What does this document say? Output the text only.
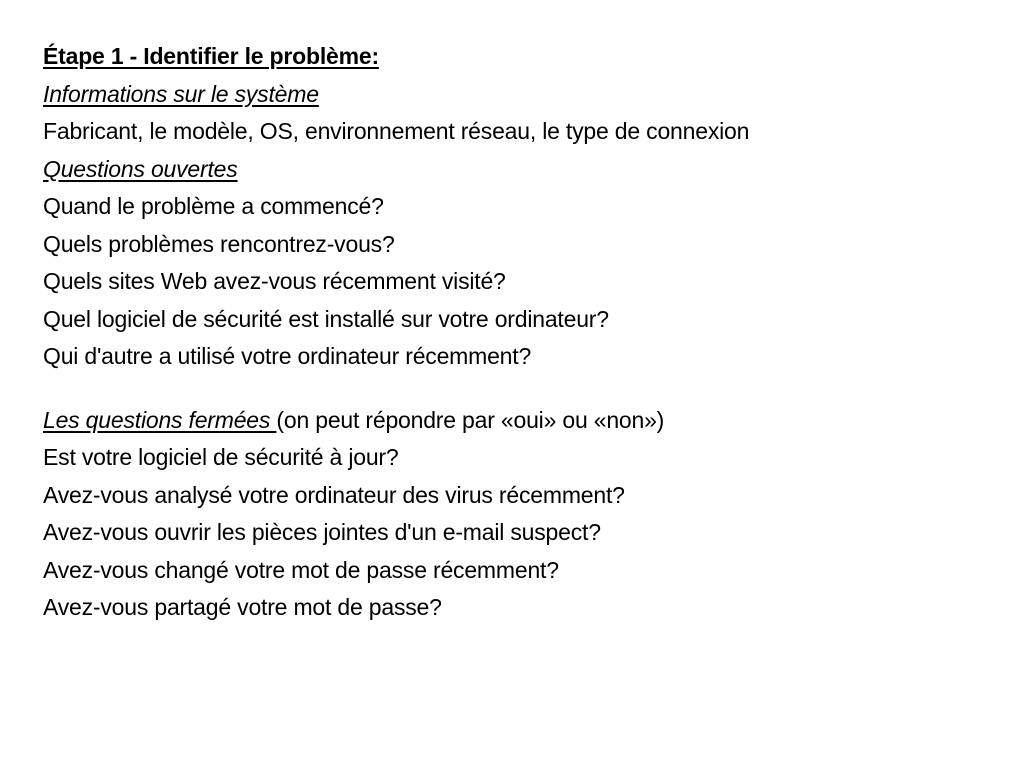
Étape 1 - Identifier le problème:
Informations sur le système
Fabricant, le modèle, OS, environnement réseau, le type de connexion
Questions ouvertes
Quand le problème a commencé?
Quels problèmes rencontrez-vous?
Quels sites Web avez-vous récemment visité?
Quel logiciel de sécurité est installé sur votre ordinateur?
Qui d'autre a utilisé votre ordinateur récemment?
Les questions fermées (on peut répondre par «oui» ou «non»)
Est votre logiciel de sécurité à jour?
Avez-vous analysé votre ordinateur des virus récemment?
Avez-vous ouvrir les pièces jointes d'un e-mail suspect?
Avez-vous changé votre mot de passe récemment?
Avez-vous partagé votre mot de passe?
